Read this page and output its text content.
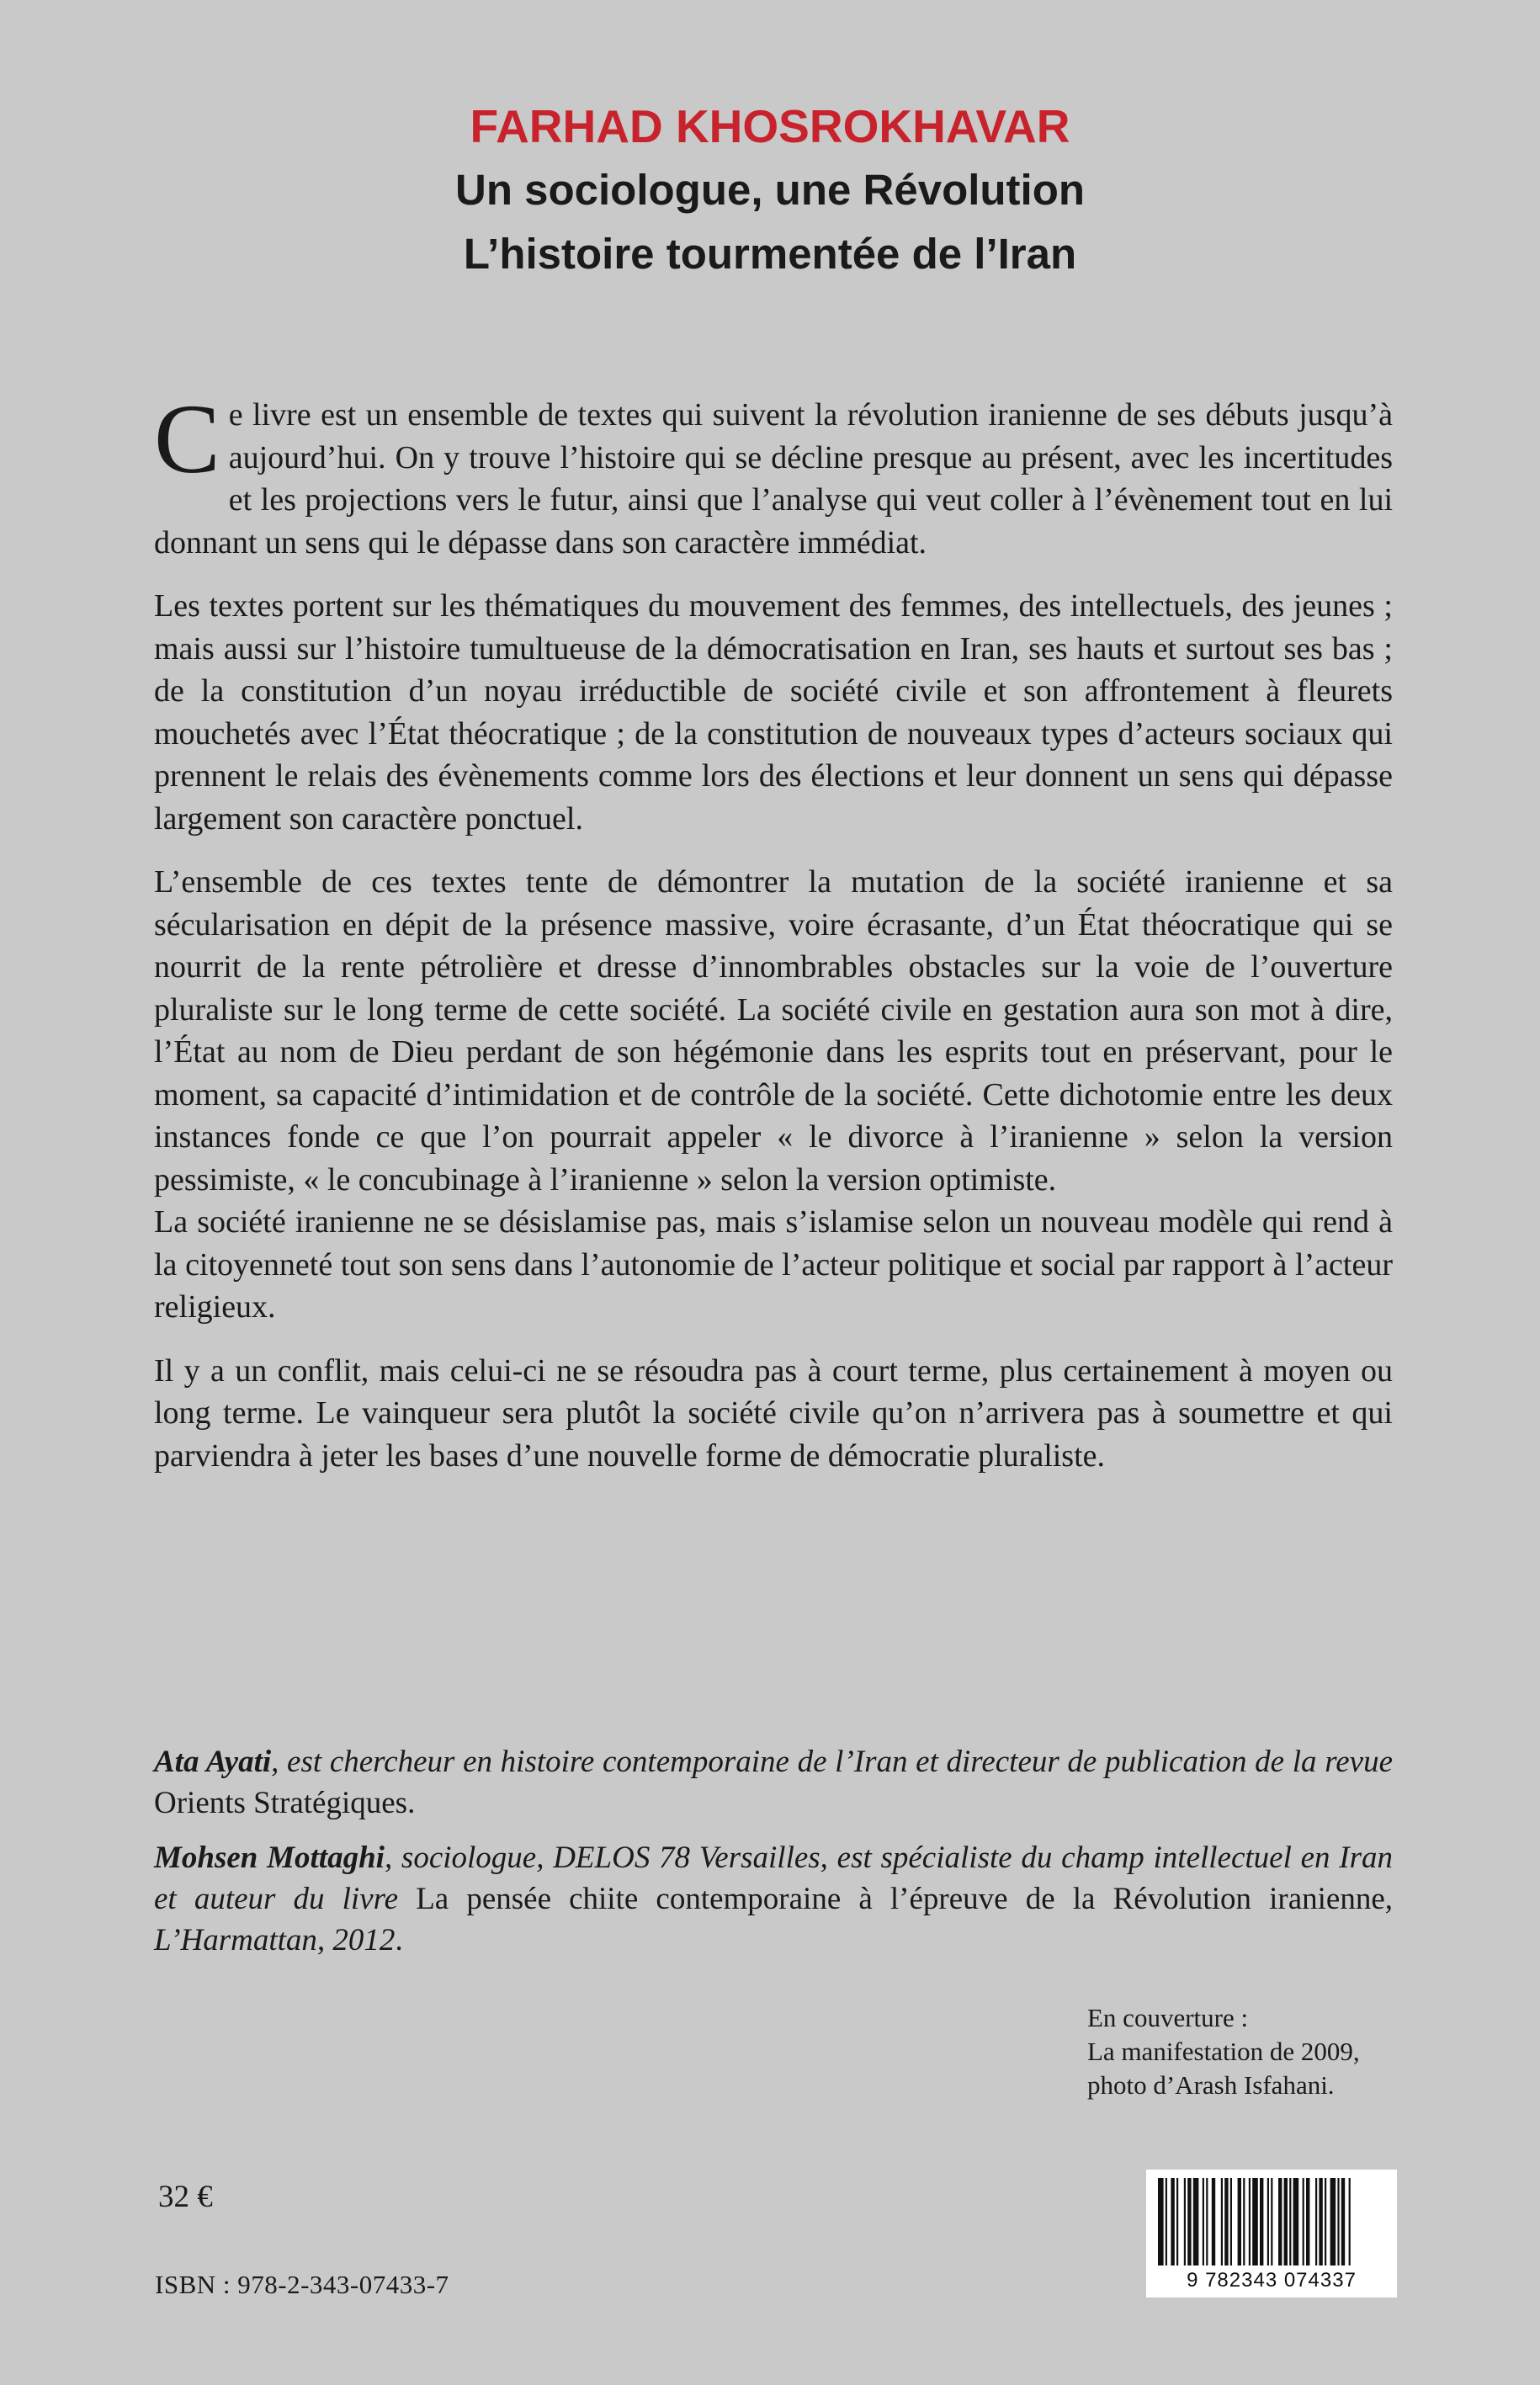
FARHAD KHOSROKHAVAR
Un sociologue, une Révolution
L’histoire tourmentée de l’Iran

Ce livre est un ensemble de textes qui suivent la révolution iranienne de ses débuts jusqu’à aujourd’hui. On y trouve l’histoire qui se décline presque au présent, avec les incertitudes et les projections vers le futur, ainsi que l’analyse qui veut coller à l’évènement tout en lui donnant un sens qui le dépasse dans son caractère immédiat.

Les textes portent sur les thématiques du mouvement des femmes, des intellectuels, des jeunes ; mais aussi sur l’histoire tumultueuse de la démocratisation en Iran, ses hauts et surtout ses bas ; de la constitution d’un noyau irréductible de société civile et son affrontement à fleurets mouchetés avec l’État théocratique ; de la constitution de nouveaux types d’acteurs sociaux qui prennent le relais des évènements comme lors des élections et leur donnent un sens qui dépasse largement son caractère ponctuel.

L’ensemble de ces textes tente de démontrer la mutation de la société iranienne et sa sécularisation en dépit de la présence massive, voire écrasante, d’un État théocratique qui se nourrit de la rente pétrolière et dresse d’innombrables obstacles sur la voie de l’ouverture pluraliste sur le long terme de cette société. La société civile en gestation aura son mot à dire, l’État au nom de Dieu perdant de son hégémonie dans les esprits tout en préservant, pour le moment, sa capacité d’intimidation et de contrôle de la société. Cette dichotomie entre les deux instances fonde ce que l’on pourrait appeler « le divorce à l’iranienne » selon la version pessimiste, « le concubinage à l’iranienne » selon la version optimiste.

La société iranienne ne se désislamise pas, mais s’islamise selon un nouveau modèle qui rend à la citoyenneté tout son sens dans l’autonomie de l’acteur politique et social par rapport à l’acteur religieux.

Il y a un conflit, mais celui-ci ne se résoudra pas à court terme, plus certainement à moyen ou long terme. Le vainqueur sera plutôt la société civile qu’on n’arrivera pas à soumettre et qui parviendra à jeter les bases d’une nouvelle forme de démocratie pluraliste.

Ata Ayati, est chercheur en histoire contemporaine de l’Iran et directeur de publication de la revue Orients Stratégiques.

Mohsen Mottaghi, sociologue, DELOS 78 Versailles, est spécialiste du champ intellectuel en Iran et auteur du livre La pensée chiite contemporaine à l’épreuve de la Révolution iranienne, L’Harmattan, 2012.

En couverture :
La manifestation de 2009,
photo d’Arash Isfahani.
32 €
ISBN : 978-2-343-07433-7	9 782343 074337
